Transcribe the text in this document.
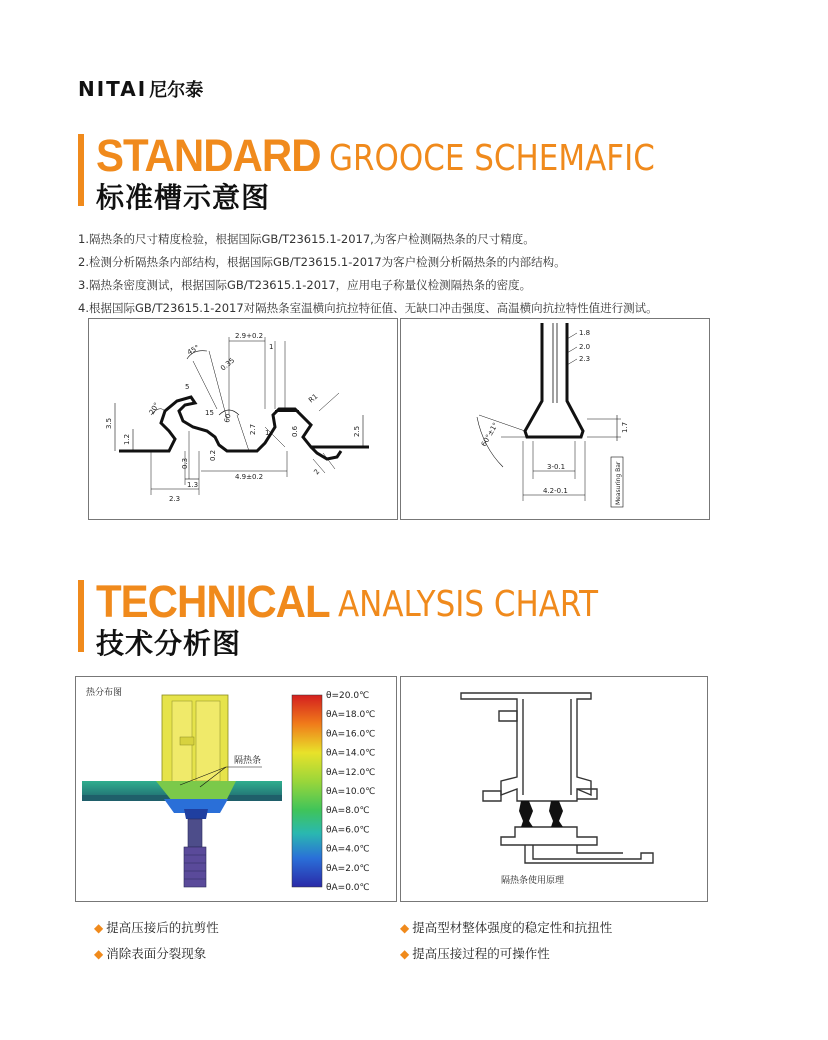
NITAI 尼尔泰
STANDARD GROOCE SCHEMAFIC
标准槽示意图
1.隔热条的尺寸精度检验，根据国际GB/T23615.1-2017,为客户检测隔热条的尺寸精度。
2.检测分析隔热条内部结构，根据国际GB/T23615.1-2017为客户检测分析隔热条的内部结构。
3.隔热条密度测试，根据国际GB/T23615.1-2017，应用电子称量仪检测隔热条的密度。
4.根据国际GB/T23615.1-2017对隔热条室温横向抗拉特征值、无缺口冲击强度、高温横向抗拉特性值进行测试。
2.9+0.2
45°
0.35
5
20°	15
60
3.5
1.2
0.3
1.3
2.3
0.2
4.9±0.2
2.7
1
R1
0.6	2.5
2
1
1.8
2.0
2.3
1.7
3-0.1
4.2-0.1
60°±1°
Measuring Bar
TECHNICAL ANALYSIS CHART
技术分析图
热分布图
隔热条
θ=20.0℃
θA=18.0℃
θA=16.0℃
θA=14.0℃
θA=12.0℃
θA=10.0℃
θA=8.0℃
θA=6.0℃
θA=4.0℃
θA=2.0℃
θA=0.0℃
隔热条使用原理
◆ 提高压接后的抗剪性
◆ 消除表面分裂现象
◆ 提高型材整体强度的稳定性和抗扭性
◆ 提高压接过程的可操作性
